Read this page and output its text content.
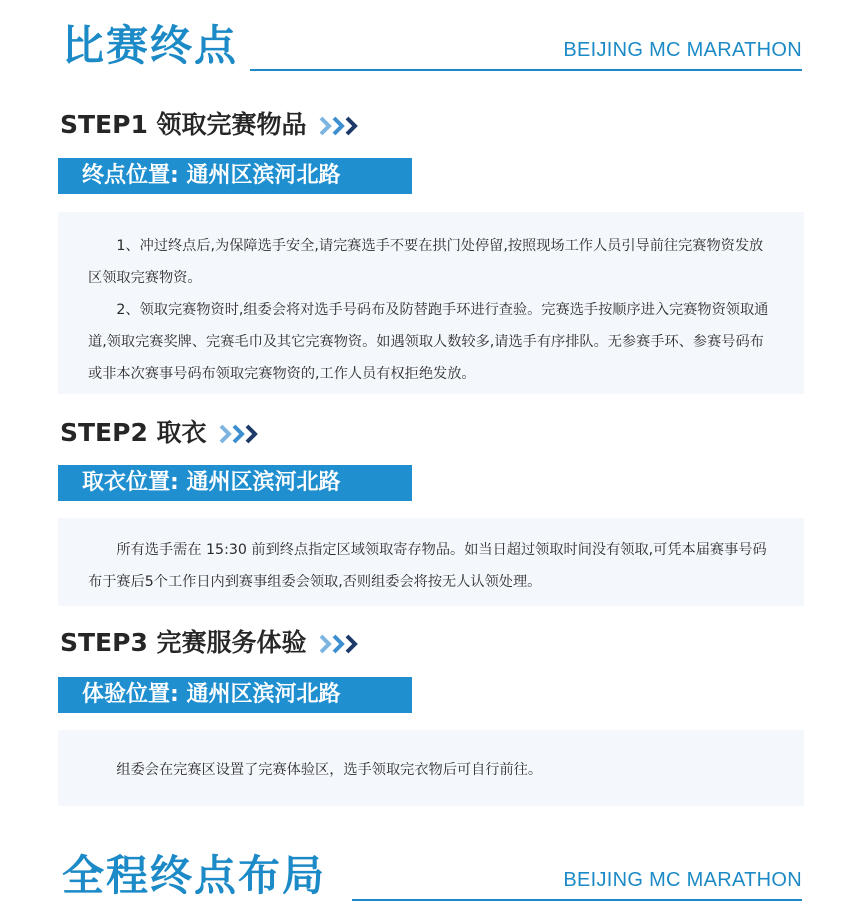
比赛终点	BEIJING MC MARATHON
STEP1 领取完赛物品
终点位置: 通州区滨河北路

1、冲过终点后,为保障选手安全,请完赛选手不要在拱门处停留,按照现场工作人员引导前往完赛物资发放区领取完赛物资。

2、领取完赛物资时,组委会将对选手号码布及防替跑手环进行查验。完赛选手按顺序进入完赛物资领取通道,领取完赛奖牌、完赛毛巾及其它完赛物资。如遇领取人数较多,请选手有序排队。无参赛手环、参赛号码布或非本次赛事号码布领取完赛物资的,工作人员有权拒绝发放。

STEP2 取衣
取衣位置: 通州区滨河北路

所有选手需在 15:30 前到终点指定区域领取寄存物品。如当日超过领取时间没有领取,可凭本届赛事号码布于赛后5个工作日内到赛事组委会领取,否则组委会将按无人认领处理。

STEP3 完赛服务体验
体验位置: 通州区滨河北路

组委会在完赛区设置了完赛体验区，选手领取完衣物后可自行前往。

全程终点布局	BEIJING MC MARATHON
